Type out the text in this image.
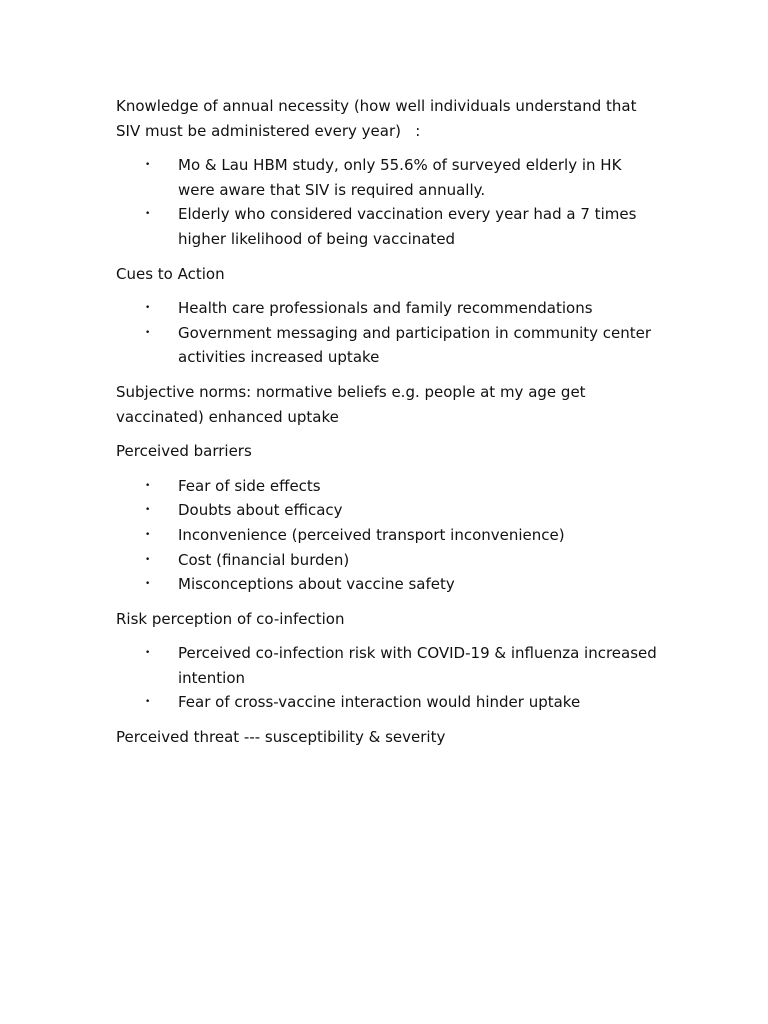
Knowledge of annual necessity (how well individuals understand that SIV must be administered every year)   :

• Mo & Lau HBM study, only 55.6% of surveyed elderly in HK were aware that SIV is required annually.
• Elderly who considered vaccination every year had a 7 times higher likelihood of being vaccinated

Cues to Action

• Health care professionals and family recommendations
• Government messaging and participation in community center activities increased uptake

Subjective norms: normative beliefs e.g. people at my age get vaccinated) enhanced uptake

Perceived barriers

• Fear of side effects
• Doubts about efficacy
• Inconvenience (perceived transport inconvenience)
• Cost (financial burden)
• Misconceptions about vaccine safety

Risk perception of co-infection

• Perceived co-infection risk with COVID-19 & influenza increased intention
• Fear of cross-vaccine interaction would hinder uptake

Perceived threat --- susceptibility & severity
